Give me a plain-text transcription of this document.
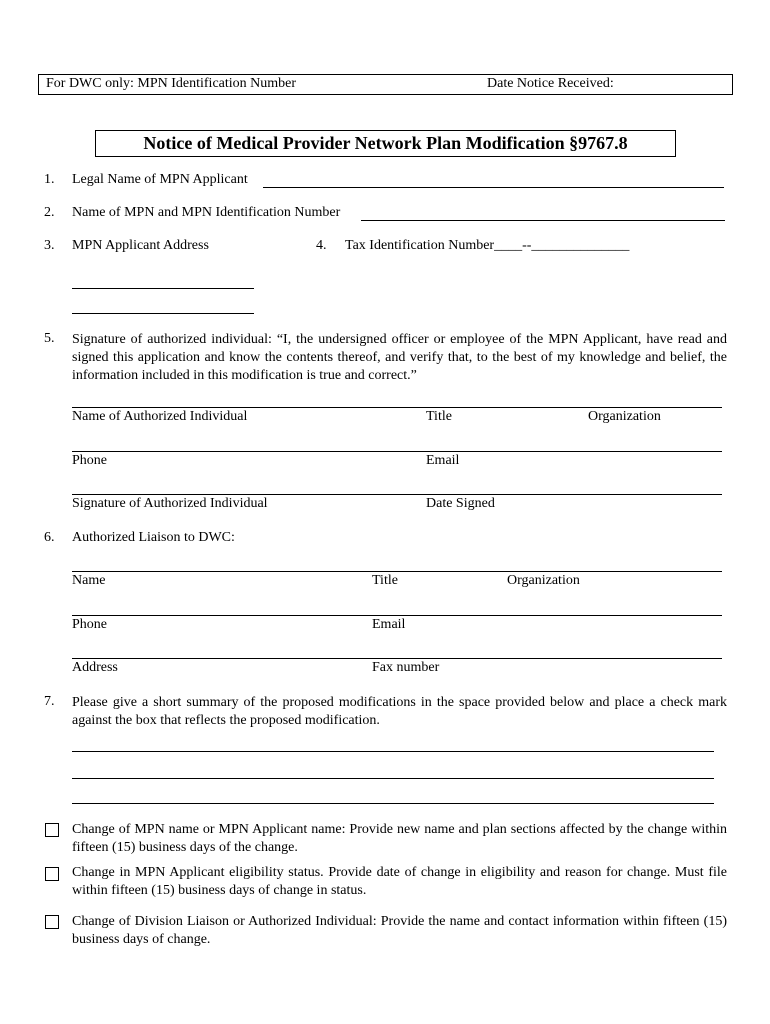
For DWC only: MPN Identification Number	Date Notice Received:
Notice of Medical Provider Network Plan Modification §9767.8
1. Legal Name of MPN Applicant
2. Name of MPN and MPN Identification Number
3. MPN Applicant Address	4. Tax Identification Number____--______________
5. Signature of authorized individual: “I, the undersigned officer or employee of the MPN Applicant, have read and signed this application and know the contents thereof, and verify that, to the best of my knowledge and belief, the information included in this modification is true and correct.”
Name of Authorized Individual	Title	Organization
Phone	Email
Signature of Authorized Individual	Date Signed
6. Authorized Liaison to DWC:
Name	Title	Organization
Phone	Email
Address	Fax number
7. Please give a short summary of the proposed modifications in the space provided below and place a check mark against the box that reflects the proposed modification.
Change of MPN name or MPN Applicant name: Provide new name and plan sections affected by the change within fifteen (15) business days of the change.
Change in MPN Applicant eligibility status. Provide date of change in eligibility and reason for change. Must file within fifteen (15) business days of change in status.
Change of Division Liaison or Authorized Individual: Provide the name and contact information within fifteen (15) business days of change.
